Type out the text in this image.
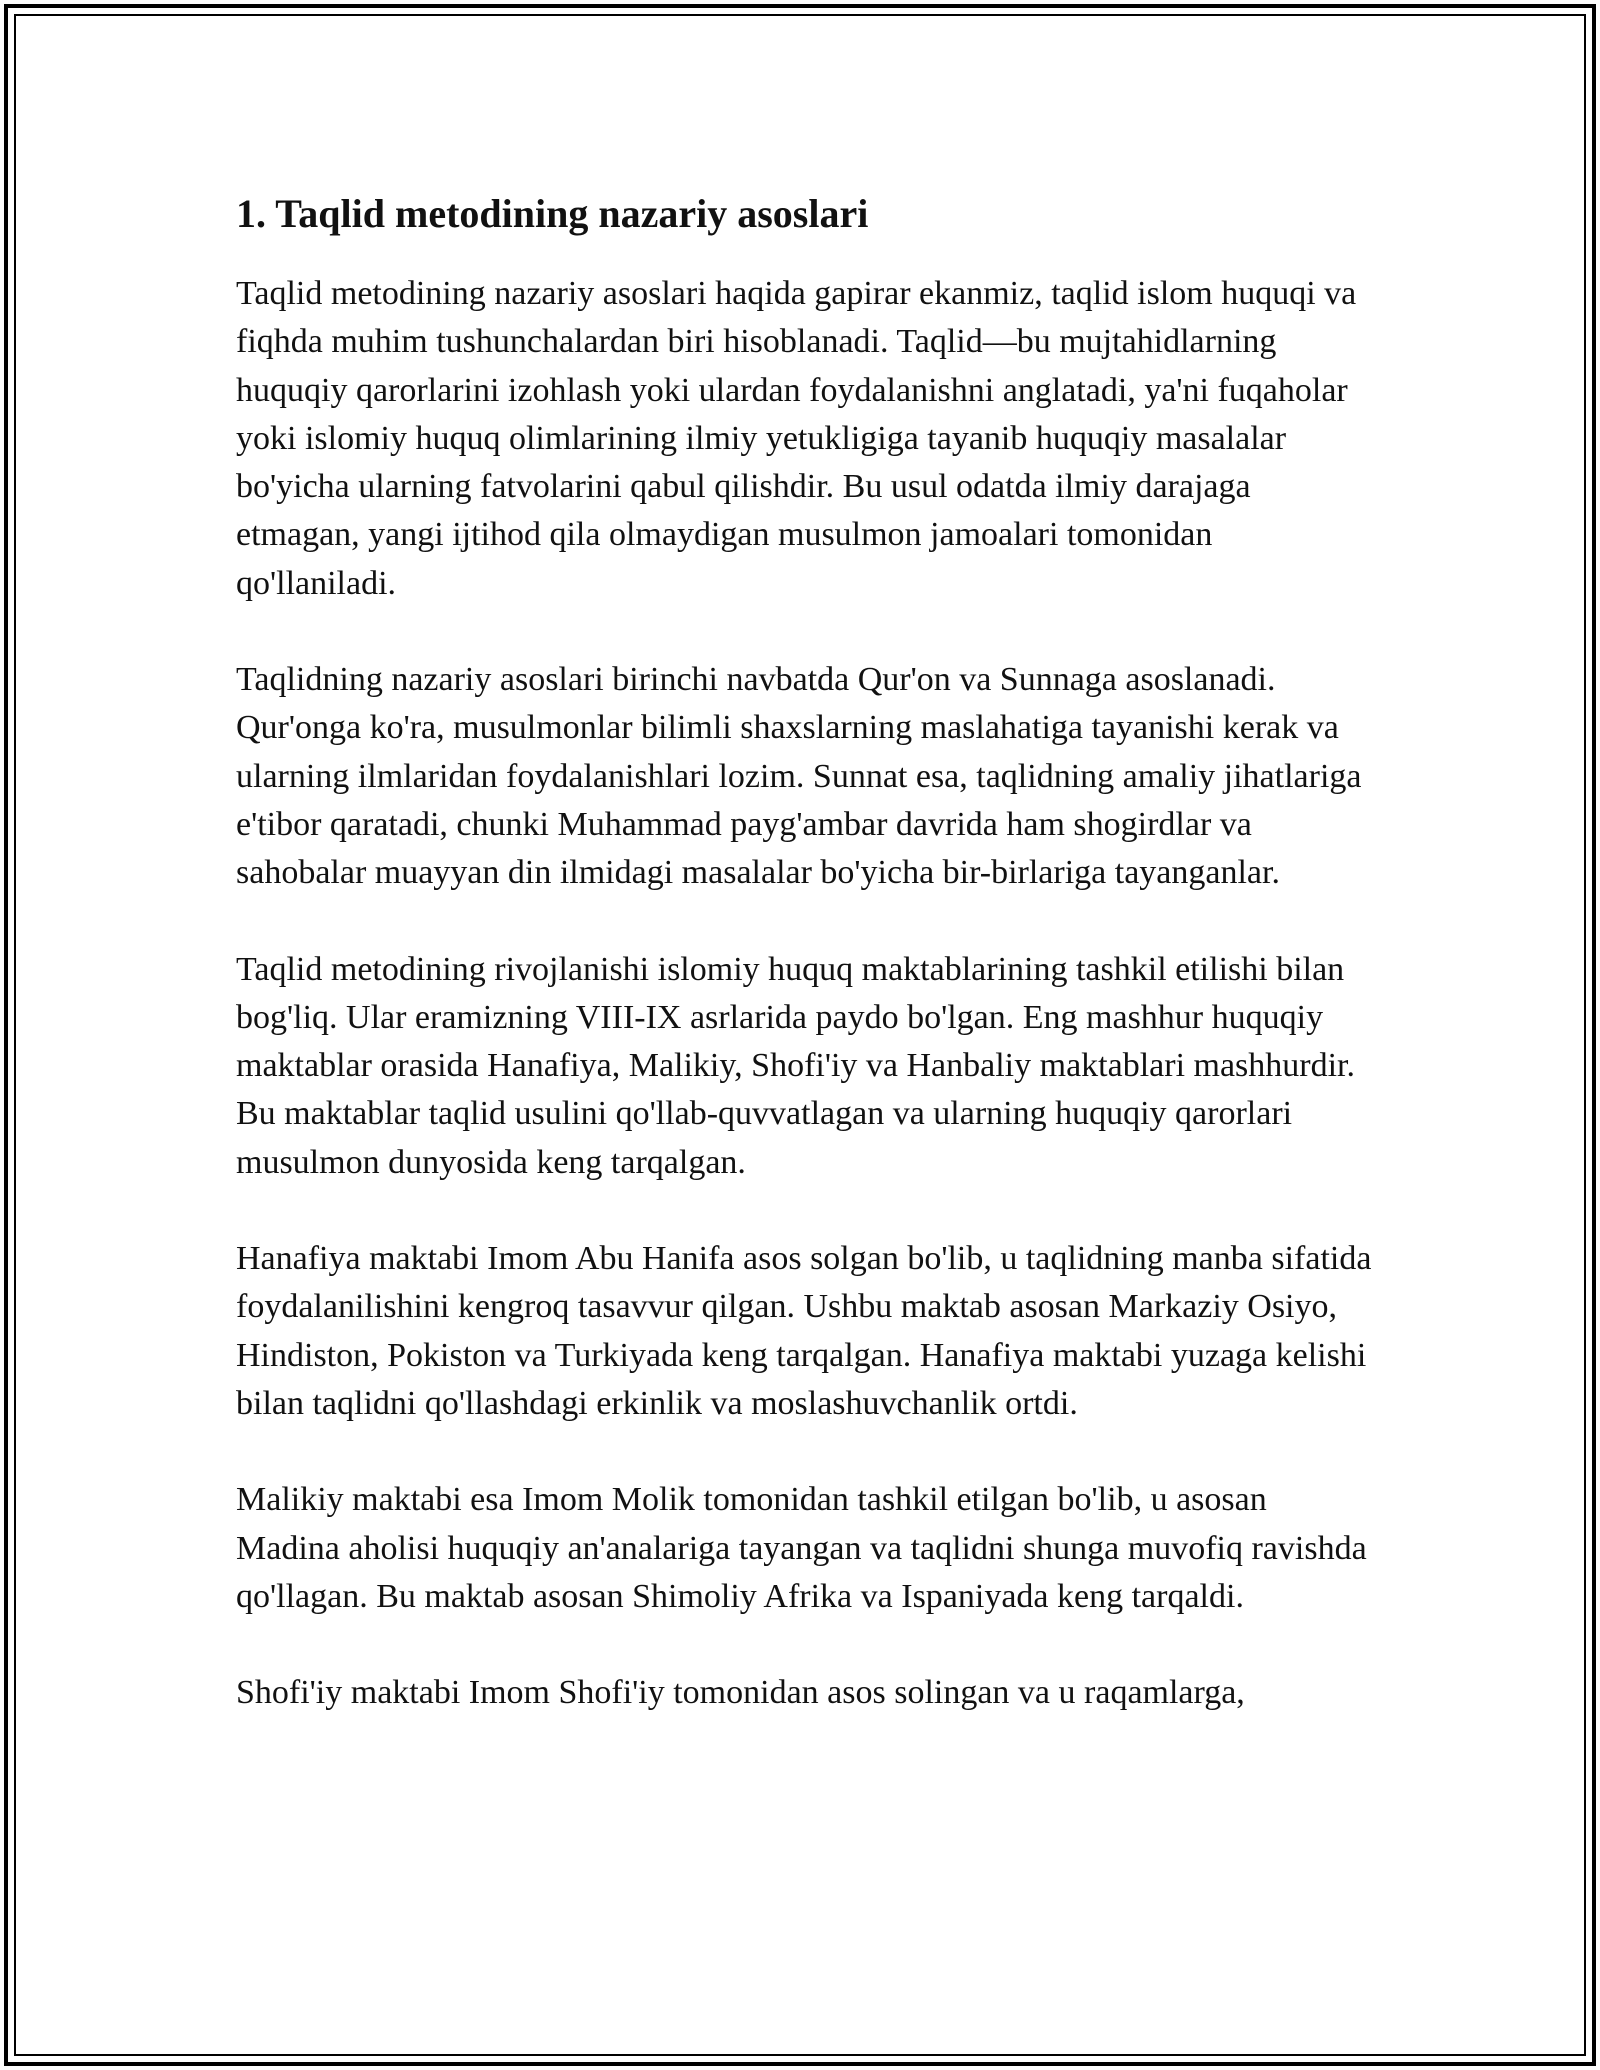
1. Taqlid metodining nazariy asoslari

Taqlid metodining nazariy asoslari haqida gapirar ekanmiz, taqlid islom huquqi va fiqhda muhim tushunchalardan biri hisoblanadi. Taqlid—bu mujtahidlarning huquqiy qarorlarini izohlash yoki ulardan foydalanishni anglatadi, ya'ni fuqaholar yoki islomiy huquq olimlarining ilmiy yetukligiga tayanib huquqiy masalalar bo'yicha ularning fatvolarini qabul qilishdir. Bu usul odatda ilmiy darajaga etmagan, yangi ijtihod qila olmaydigan musulmon jamoalari tomonidan qo'llaniladi.

Taqlidning nazariy asoslari birinchi navbatda Qur'on va Sunnaga asoslanadi. Qur'onga ko'ra, musulmonlar bilimli shaxslarning maslahatiga tayanishi kerak va ularning ilmlaridan foydalanishlari lozim. Sunnat esa, taqlidning amaliy jihatlariga e'tibor qaratadi, chunki Muhammad payg'ambar davrida ham shogirdlar va sahobalar muayyan din ilmidagi masalalar bo'yicha bir-birlariga tayanganlar.

Taqlid metodining rivojlanishi islomiy huquq maktablarining tashkil etilishi bilan bog'liq. Ular eramizning VIII-IX asrlarida paydo bo'lgan. Eng mashhur huquqiy maktablar orasida Hanafiya, Malikiy, Shofi'iy va Hanbaliy maktablari mashhurdir. Bu maktablar taqlid usulini qo'llab-quvvatlagan va ularning huquqiy qarorlari musulmon dunyosida keng tarqalgan.

Hanafiya maktabi Imom Abu Hanifa asos solgan bo'lib, u taqlidning manba sifatida foydalanilishini kengroq tasavvur qilgan. Ushbu maktab asosan Markaziy Osiyo, Hindiston, Pokiston va Turkiyada keng tarqalgan. Hanafiya maktabi yuzaga kelishi bilan taqlidni qo'llashdagi erkinlik va moslashuvchanlik ortdi.

Malikiy maktabi esa Imom Molik tomonidan tashkil etilgan bo'lib, u asosan Madina aholisi huquqiy an'analariga tayangan va taqlidni shunga muvofiq ravishda qo'llagan. Bu maktab asosan Shimoliy Afrika va Ispaniyada keng tarqaldi.

Shofi'iy maktabi Imom Shofi'iy tomonidan asos solingan va u raqamlarga,
